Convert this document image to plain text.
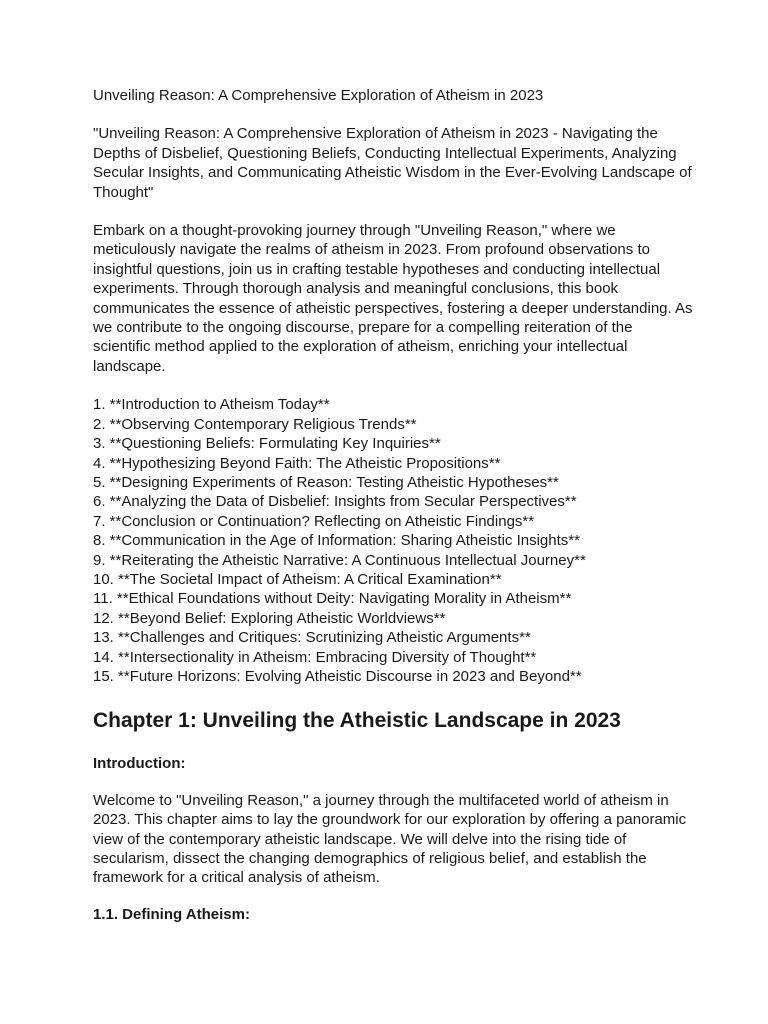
Unveiling Reason: A Comprehensive Exploration of Atheism in 2023

"Unveiling Reason: A Comprehensive Exploration of Atheism in 2023 - Navigating the Depths of Disbelief, Questioning Beliefs, Conducting Intellectual Experiments, Analyzing Secular Insights, and Communicating Atheistic Wisdom in the Ever-Evolving Landscape of Thought"

Embark on a thought-provoking journey through "Unveiling Reason," where we meticulously navigate the realms of atheism in 2023. From profound observations to insightful questions, join us in crafting testable hypotheses and conducting intellectual experiments. Through thorough analysis and meaningful conclusions, this book communicates the essence of atheistic perspectives, fostering a deeper understanding. As we contribute to the ongoing discourse, prepare for a compelling reiteration of the scientific method applied to the exploration of atheism, enriching your intellectual landscape.

1. **Introduction to Atheism Today**
2. **Observing Contemporary Religious Trends**
3. **Questioning Beliefs: Formulating Key Inquiries**
4. **Hypothesizing Beyond Faith: The Atheistic Propositions**
5. **Designing Experiments of Reason: Testing Atheistic Hypotheses**
6. **Analyzing the Data of Disbelief: Insights from Secular Perspectives**
7. **Conclusion or Continuation? Reflecting on Atheistic Findings**
8. **Communication in the Age of Information: Sharing Atheistic Insights**
9. **Reiterating the Atheistic Narrative: A Continuous Intellectual Journey**
10. **The Societal Impact of Atheism: A Critical Examination**
11. **Ethical Foundations without Deity: Navigating Morality in Atheism**
12. **Beyond Belief: Exploring Atheistic Worldviews**
13. **Challenges and Critiques: Scrutinizing Atheistic Arguments**
14. **Intersectionality in Atheism: Embracing Diversity of Thought**
15. **Future Horizons: Evolving Atheistic Discourse in 2023 and Beyond**
Chapter 1: Unveiling the Atheistic Landscape in 2023
Introduction:

Welcome to "Unveiling Reason," a journey through the multifaceted world of atheism in 2023. This chapter aims to lay the groundwork for our exploration by offering a panoramic view of the contemporary atheistic landscape. We will delve into the rising tide of secularism, dissect the changing demographics of religious belief, and establish the framework for a critical analysis of atheism.

1.1. Defining Atheism:
